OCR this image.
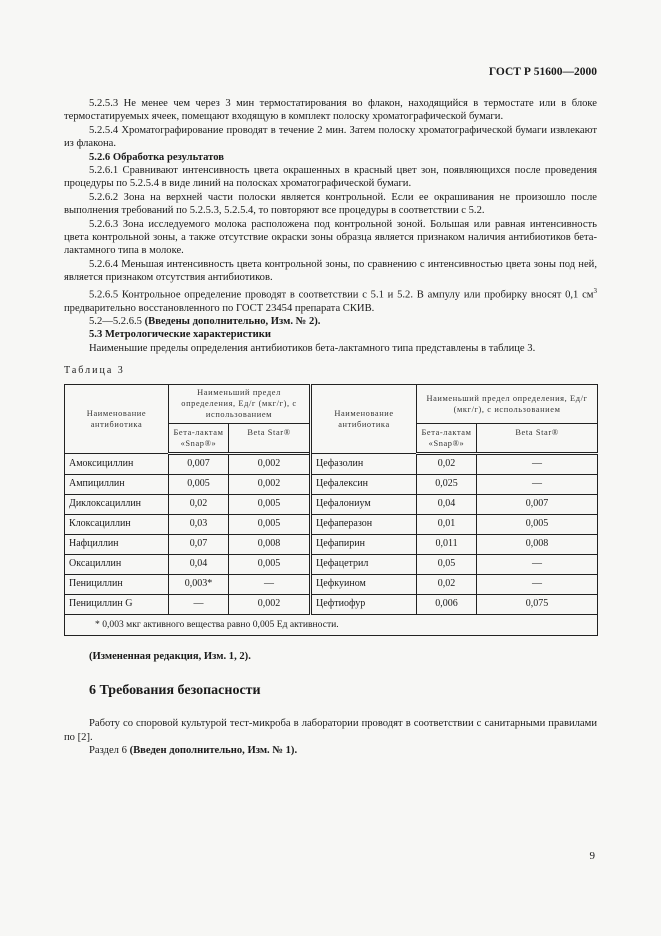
ГОСТ Р 51600—2000

5.2.5.3 Не менее чем через 3 мин термостатирования во флакон, находящийся в термостате или в блоке термостатируемых ячеек, помещают входящую в комплект полоску хроматографической бумаги.

5.2.5.4 Хроматографирование проводят в течение 2 мин. Затем полоску хроматографической бумаги извлекают из флакона.

5.2.6 Обработка результатов

5.2.6.1 Сравнивают интенсивность цвета окрашенных в красный цвет зон, появляющихся после проведения процедуры по 5.2.5.4 в виде линий на полосках хроматографической бумаги.

5.2.6.2 Зона на верхней части полоски является контрольной. Если ее окрашивания не произошло после выполнения требований по 5.2.5.3, 5.2.5.4, то повторяют все процедуры в соответствии с 5.2.

5.2.6.3 Зона исследуемого молока расположена под контрольной зоной. Большая или равная интенсивность цвета контрольной зоны, а также отсутствие окраски зоны образца является признаком наличия антибиотиков бета-лактамного типа в молоке.

5.2.6.4 Меньшая интенсивность цвета контрольной зоны, по сравнению с интенсивностью цвета зоны под ней, является признаком отсутствия антибиотиков.

5.2.6.5 Контрольное определение проводят в соответствии с 5.1 и 5.2. В ампулу или пробирку вносят 0,1 $см^3$ предварительно восстановленного по ГОСТ 23454 препарата СКИВ.

5.2—5.2.6.5 (Введены дополнительно, Изм. № 2).

5.3 Метрологические характеристики

Наименьшие пределы определения антибиотиков бета-лактамного типа представлены в таблице 3.

Таблица 3
Наименование антибиотика	Наименьший предел определения, Ед/г (мкг/г), с использованием		Наименование антибиотика	Наименьший предел определения, Ед/г (мкг/г), с использованием	
	Бета-лактам «Snap®»	Beta Star®		Бета-лактам «Snap®»	Beta Star®
Амоксициллин	0,007	0,002	Цефазолин	0,02	—
Ампициллин	0,005	0,002	Цефалексин	0,025	—
Диклоксациллин	0,02	0,005	Цефалониум	0,04	0,007
Клоксациллин	0,03	0,005	Цефаперазон	0,01	0,005
Нафциллин	0,07	0,008	Цефапирин	0,011	0,008
Оксациллин	0,04	0,005	Цефацетрил	0,05	—
Пенициллин	0,003*	—	Цефкуином	0,02	—
Пенициллин G	—	0,002	Цефтиофур	0,006	0,075
* 0,003 мкг активного вещества равно 0,005 Ед активности.					

(Измененная редакция, Изм. 1, 2).

6 Требования безопасности

Работу со споровой культурой тест-микроба в лаборатории проводят в соответствии с санитарными правилами по [2].

Раздел 6 (Введен дополнительно, Изм. № 1).

9
